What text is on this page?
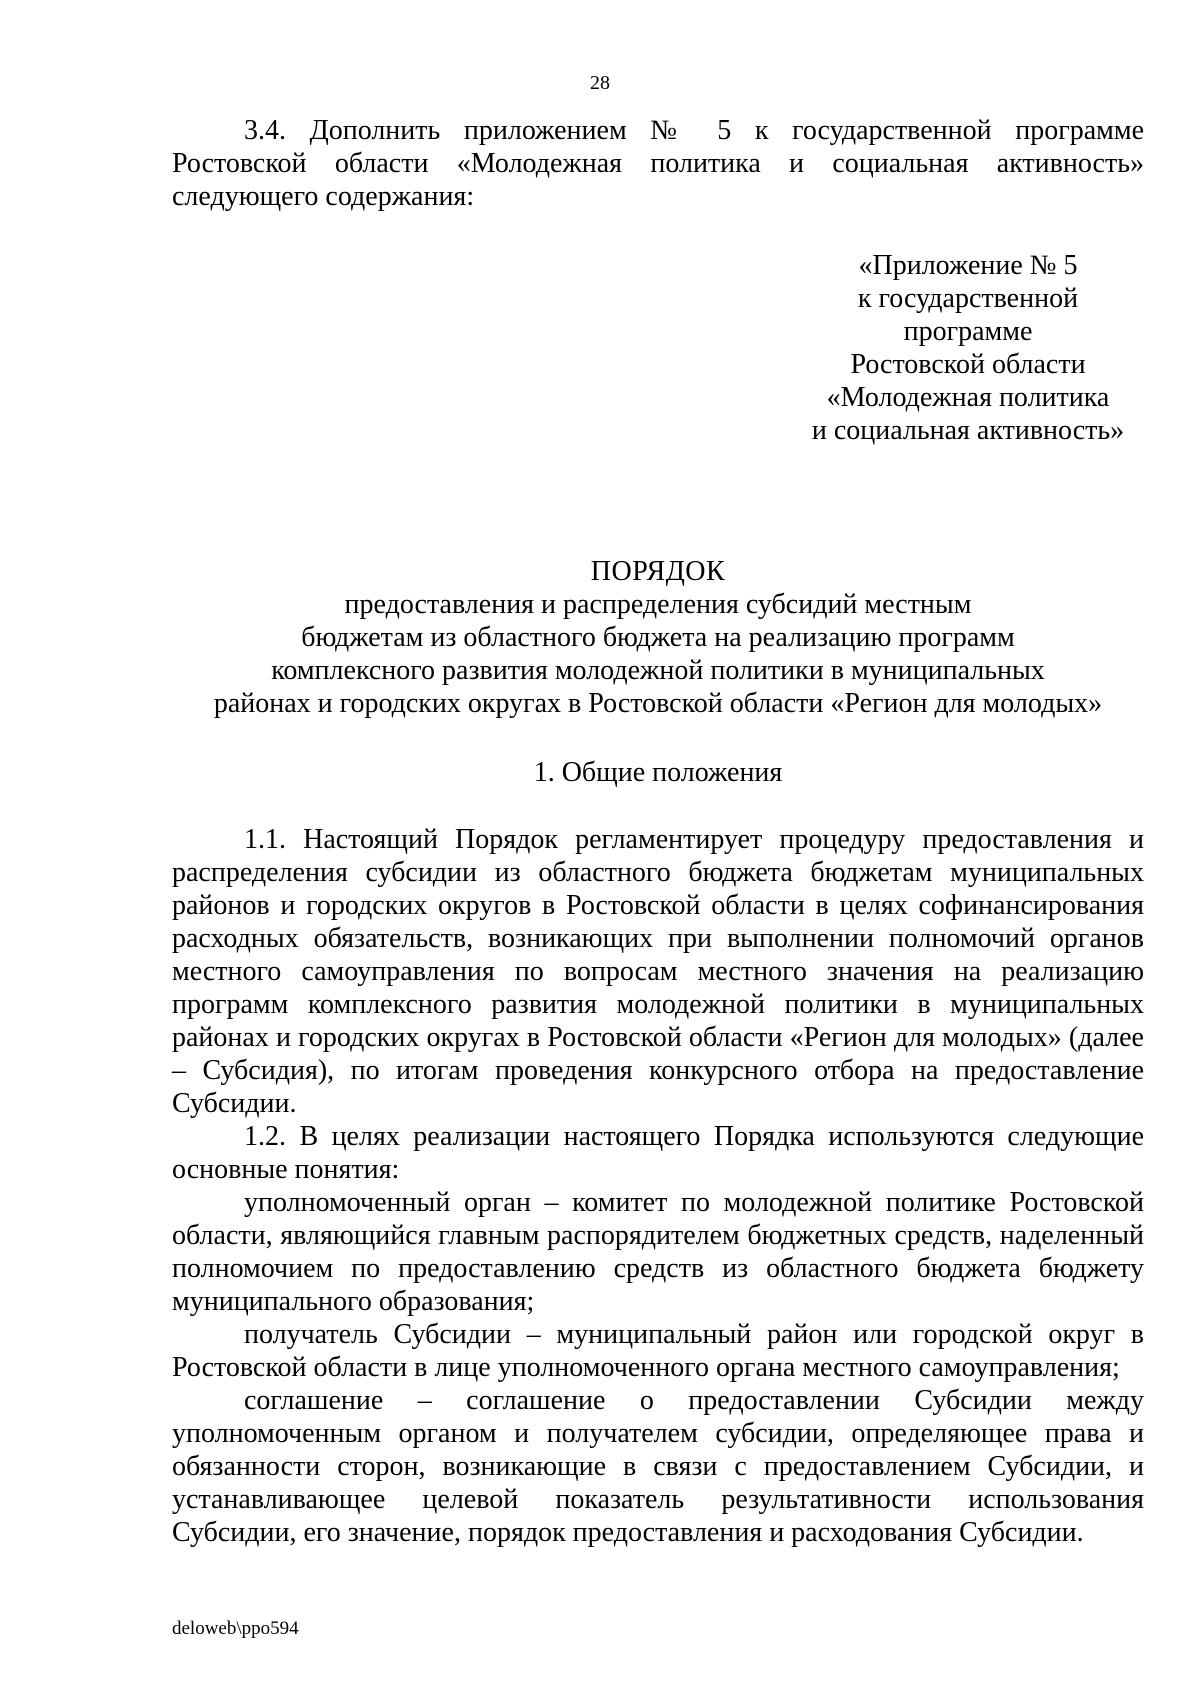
28

3.4. Дополнить приложением № 5 к государственной программе Ростовской области «Молодежная политика и социальная активность» следующего содержания:

«Приложение № 5
к государственной
программе
Ростовской области
«Молодежная политика
и социальная активность»
ПОРЯДОК
предоставления и распределения субсидий местным
бюджетам из областного бюджета на реализацию программ
комплексного развития молодежной политики в муниципальных
районах и городских округах в Ростовской области «Регион для молодых»
1. Общие положения

1.1. Настоящий Порядок регламентирует процедуру предоставления и распределения субсидии из областного бюджета бюджетам муниципальных районов и городских округов в Ростовской области в целях софинансирования расходных обязательств, возникающих при выполнении полномочий органов местного самоуправления по вопросам местного значения на реализацию программ комплексного развития молодежной политики в муниципальных районах и городских округах в Ростовской области «Регион для молодых» (далее – Субсидия), по итогам проведения конкурсного отбора на предоставление Субсидии.

1.2. В целях реализации настоящего Порядка используются следующие основные понятия:

уполномоченный орган – комитет по молодежной политике Ростовской области, являющийся главным распорядителем бюджетных средств, наделенный полномочием по предоставлению средств из областного бюджета бюджету муниципального образования;

получатель Субсидии – муниципальный район или городской округ в Ростовской области в лице уполномоченного органа местного самоуправления;

соглашение – соглашение о предоставлении Субсидии между уполномоченным органом и получателем субсидии, определяющее права и обязанности сторон, возникающие в связи с предоставлением Субсидии, и устанавливающее целевой показатель результативности использования Субсидии, его значение, порядок предоставления и расходования Субсидии.

deloweb\ppo594
